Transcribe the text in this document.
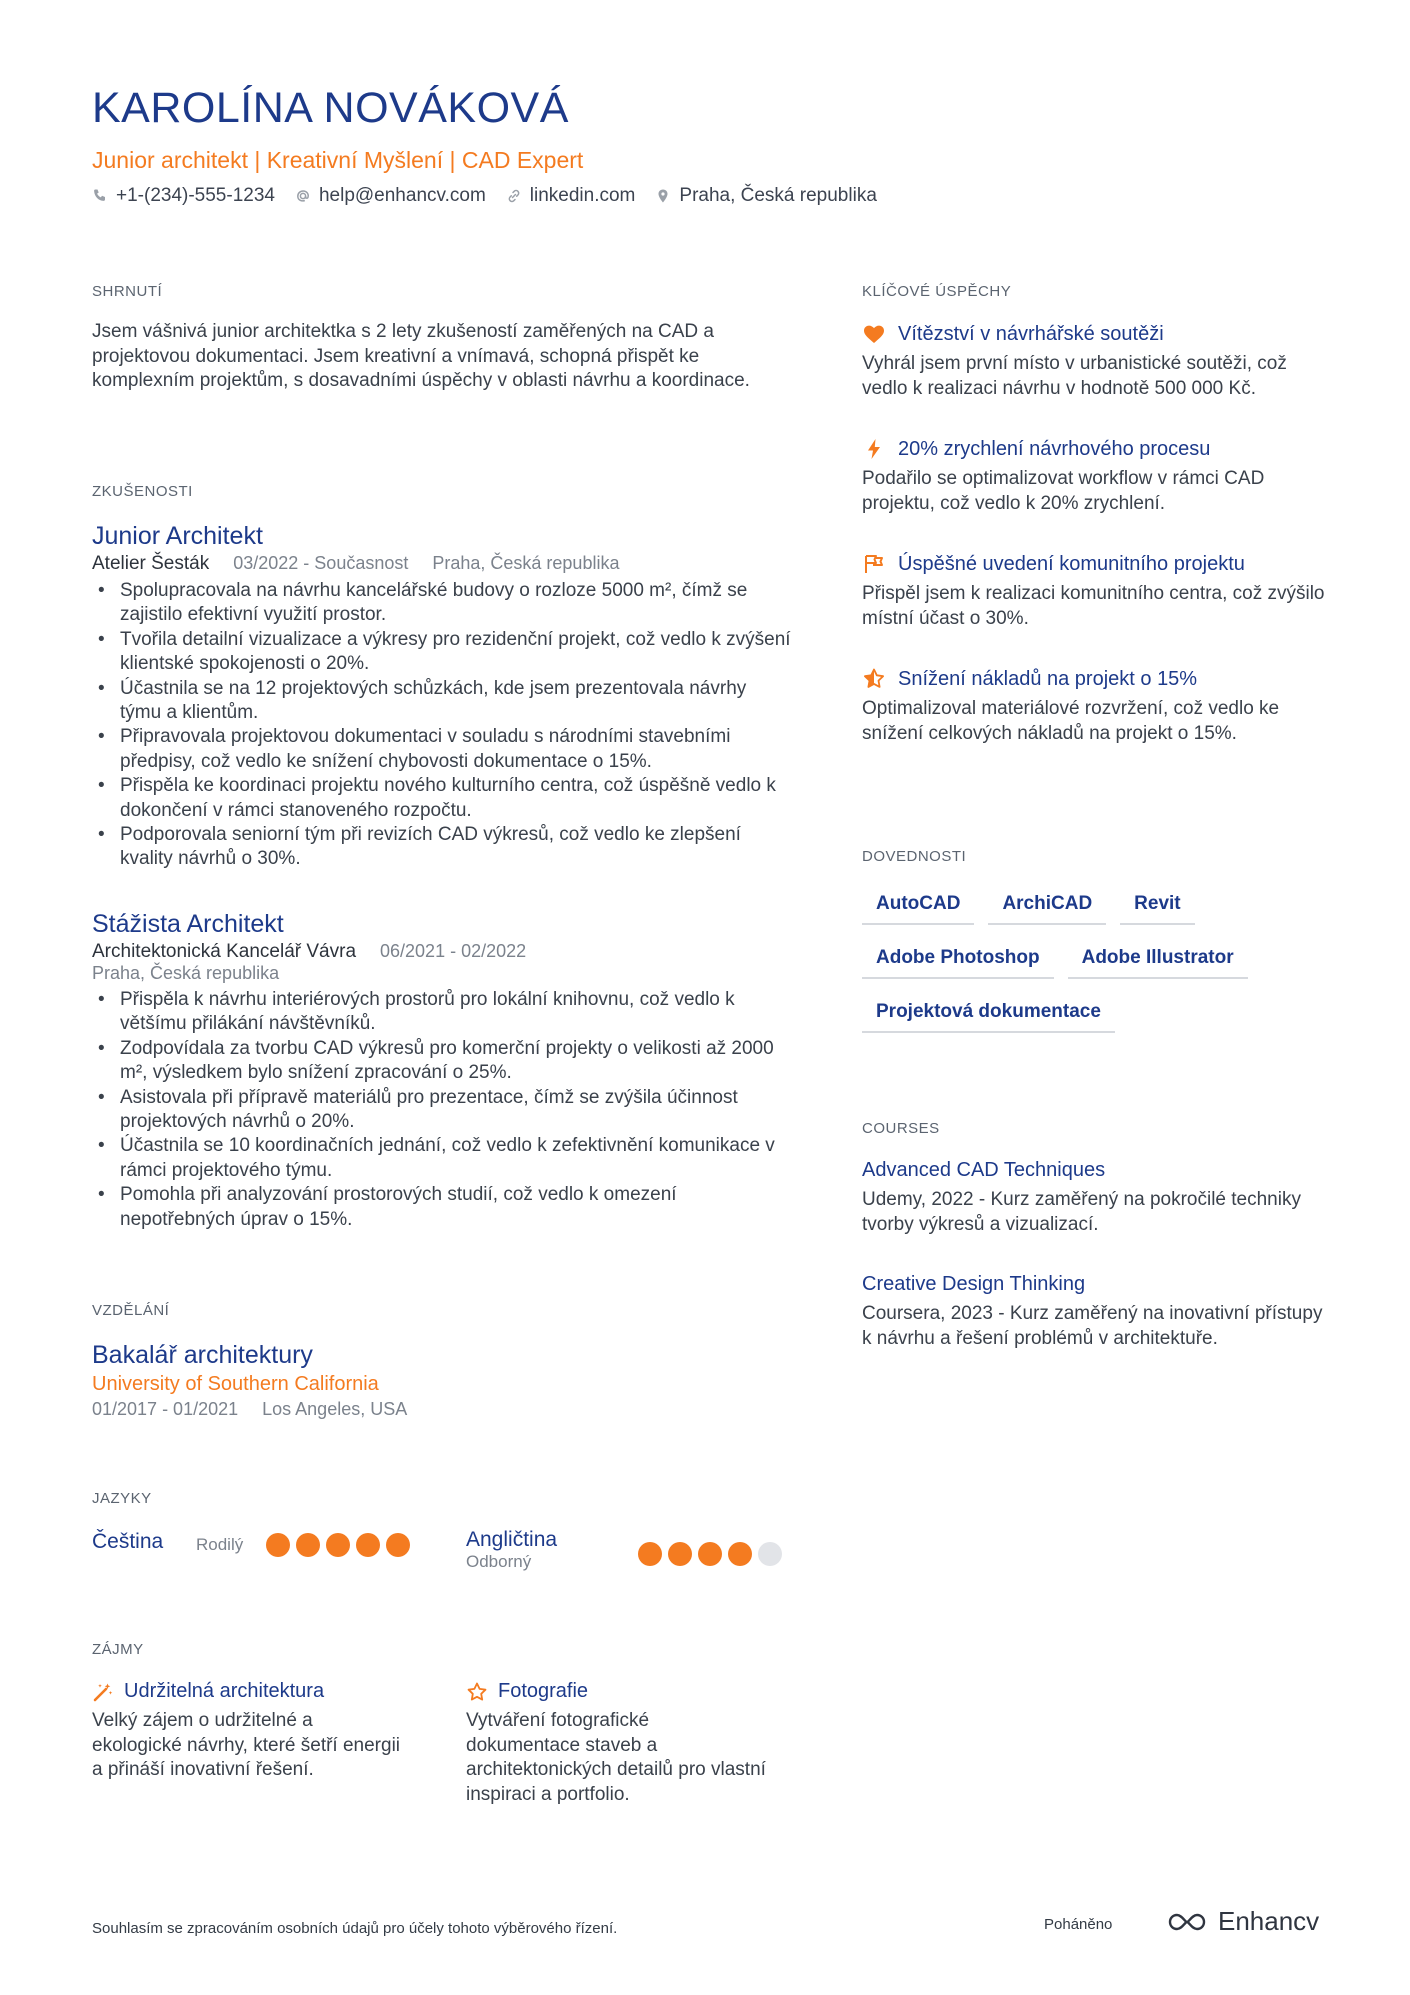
KAROLÍNA NOVÁKOVÁ
Junior architekt | Kreativní Myšlení | CAD Expert
+1-(234)-555-1234 help@enhancv.com linkedin.com Praha, Česká republika
SHRNUTÍ
Jsem vášnivá junior architektka s 2 lety zkušeností zaměřených na CAD a projektovou dokumentaci. Jsem kreativní a vnímavá, schopná přispět ke komplexním projektům, s dosavadními úspěchy v oblasti návrhu a koordinace.
ZKUŠENOSTI
Junior Architekt
Atelier Šesták 03/2022 - Současnost Praha, Česká republika
• Spolupracovala na návrhu kancelářské budovy o rozloze 5000 m², čímž se zajistilo efektivní využití prostor.
• Tvořila detailní vizualizace a výkresy pro rezidenční projekt, což vedlo k zvýšení klientské spokojenosti o 20%.
• Účastnila se na 12 projektových schůzkách, kde jsem prezentovala návrhy týmu a klientům.
• Připravovala projektovou dokumentaci v souladu s národními stavebními předpisy, což vedlo ke snížení chybovosti dokumentace o 15%.
• Přispěla ke koordinaci projektu nového kulturního centra, což úspěšně vedlo k dokončení v rámci stanoveného rozpočtu.
• Podporovala seniorní tým při revizích CAD výkresů, což vedlo ke zlepšení kvality návrhů o 30%.
Stážista Architekt
Architektonická Kancelář Vávra 06/2021 - 02/2022
Praha, Česká republika
• Přispěla k návrhu interiérových prostorů pro lokální knihovnu, což vedlo k většímu přilákání návštěvníků.
• Zodpovídala za tvorbu CAD výkresů pro komerční projekty o velikosti až 2000 m², výsledkem bylo snížení zpracování o 25%.
• Asistovala při přípravě materiálů pro prezentace, čímž se zvýšila účinnost projektových návrhů o 20%.
• Účastnila se 10 koordinačních jednání, což vedlo k zefektivnění komunikace v rámci projektového týmu.
• Pomohla při analyzování prostorových studií, což vedlo k omezení nepotřebných úprav o 15%.
VZDĚLÁNÍ
Bakalář architektury
University of Southern California
01/2017 - 01/2021 Los Angeles, USA
JAZYKY
Čeština Rodilý	Angličtina
Odborný
ZÁJMY
Udržitelná architektura
Velký zájem o udržitelné a ekologické návrhy, které šetří energii a přináší inovativní řešení.
Fotografie
Vytváření fotografické dokumentace staveb a architektonických detailů pro vlastní inspiraci a portfolio.
KLÍČOVÉ ÚSPĚCHY
Vítězství v návrhářské soutěži
Vyhrál jsem první místo v urbanistické soutěži, což vedlo k realizaci návrhu v hodnotě 500 000 Kč.
20% zrychlení návrhového procesu
Podařilo se optimalizovat workflow v rámci CAD projektu, což vedlo k 20% zrychlení.
Úspěšné uvedení komunitního projektu
Přispěl jsem k realizaci komunitního centra, což zvýšilo místní účast o 30%.
Snížení nákladů na projekt o 15%
Optimalizoval materiálové rozvržení, což vedlo ke snížení celkových nákladů na projekt o 15%.
DOVEDNOSTI
AutoCAD	ArchiCAD	Revit
Adobe Photoshop	Adobe Illustrator
Projektová dokumentace
COURSES
Advanced CAD Techniques
Udemy, 2022 - Kurz zaměřený na pokročilé techniky tvorby výkresů a vizualizací.
Creative Design Thinking
Coursera, 2023 - Kurz zaměřený na inovativní přístupy k návrhu a řešení problémů v architektuře.
Souhlasím se zpracováním osobních údajů pro účely tohoto výběrového řízení.	Poháněno	Enhancv
